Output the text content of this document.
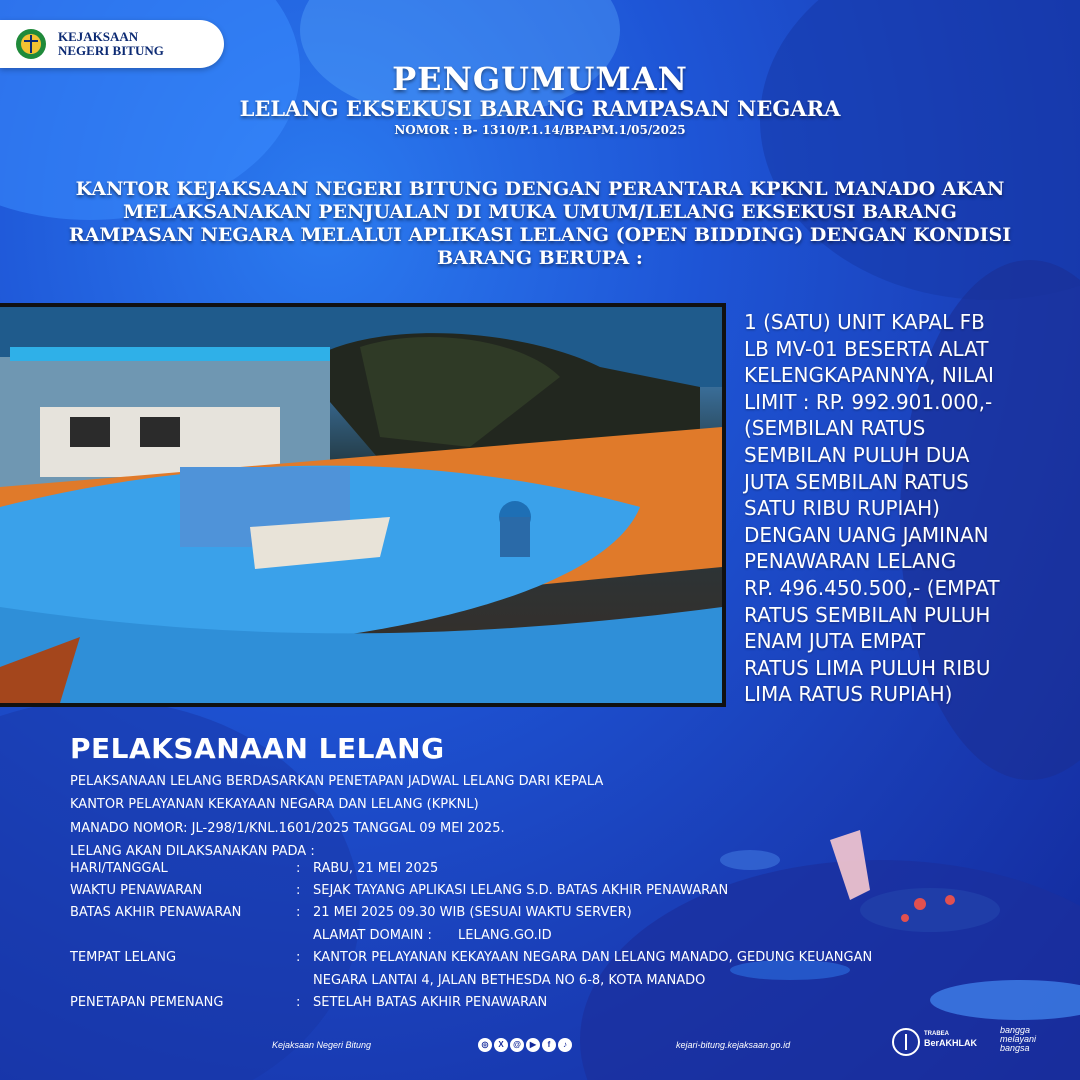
KEJAKSAAN
NEGERI BITUNG
PENGUMUMAN
LELANG EKSEKUSI BARANG RAMPASAN NEGARA
NOMOR : B- 1310/P.1.14/BPAPM.1/05/2025
KANTOR KEJAKSAAN NEGERI BITUNG DENGAN PERANTARA KPKNL MANADO AKAN MELAKSANAKAN PENJUALAN DI MUKA UMUM/LELANG EKSEKUSI BARANG RAMPASAN NEGARA MELALUI APLIKASI LELANG (OPEN BIDDING) DENGAN KONDISI BARANG BERUPA :
1 (SATU) UNIT KAPAL FB
LB MV-01 BESERTA ALAT
KELENGKAPANNYA, NILAI
LIMIT : RP. 992.901.000,-
(SEMBILAN RATUS
SEMBILAN PULUH DUA
JUTA SEMBILAN RATUS
SATU RIBU RUPIAH)
DENGAN UANG JAMINAN
PENAWARAN LELANG
RP. 496.450.500,- (EMPAT
RATUS SEMBILAN PULUH
ENAM JUTA EMPAT
RATUS LIMA PULUH RIBU
LIMA RATUS RUPIAH)
PELAKSANAAN LELANG
PELAKSANAAN LELANG BERDASARKAN PENETAPAN JADWAL LELANG DARI KEPALA
KANTOR PELAYANAN KEKAYAAN NEGARA DAN LELANG (KPKNL)
MANADO NOMOR: JL-298/1/KNL.1601/2025 TANGGAL 09 MEI 2025.
LELANG AKAN DILAKSANAKAN PADA :
HARI/TANGGAL	: RABU, 21 MEI 2025
WAKTU PENAWARAN	: SEJAK TAYANG APLIKASI LELANG S.D. BATAS AKHIR PENAWARAN
BATAS AKHIR PENAWARAN	: 21 MEI 2025 09.30 WIB (SESUAI WAKTU SERVER)
ALAMAT DOMAIN : LELANG.GO.ID
TEMPAT LELANG	: KANTOR PELAYANAN KEKAYAAN NEGARA DAN LELANG MANADO, GEDUNG KEUANGAN
NEGARA LANTAI 4, JALAN BETHESDA NO 6-8, KOTA MANADO
PENETAPAN PEMENANG	: SETELAH BATAS AKHIR PENAWARAN
Kejaksaan Negeri Bitung	◎	X	@	▶	f	♪	kejari-bitung.kejaksaan.go.id
TRABEA
BerAKHLAK
bangga
melayani
bangsa
